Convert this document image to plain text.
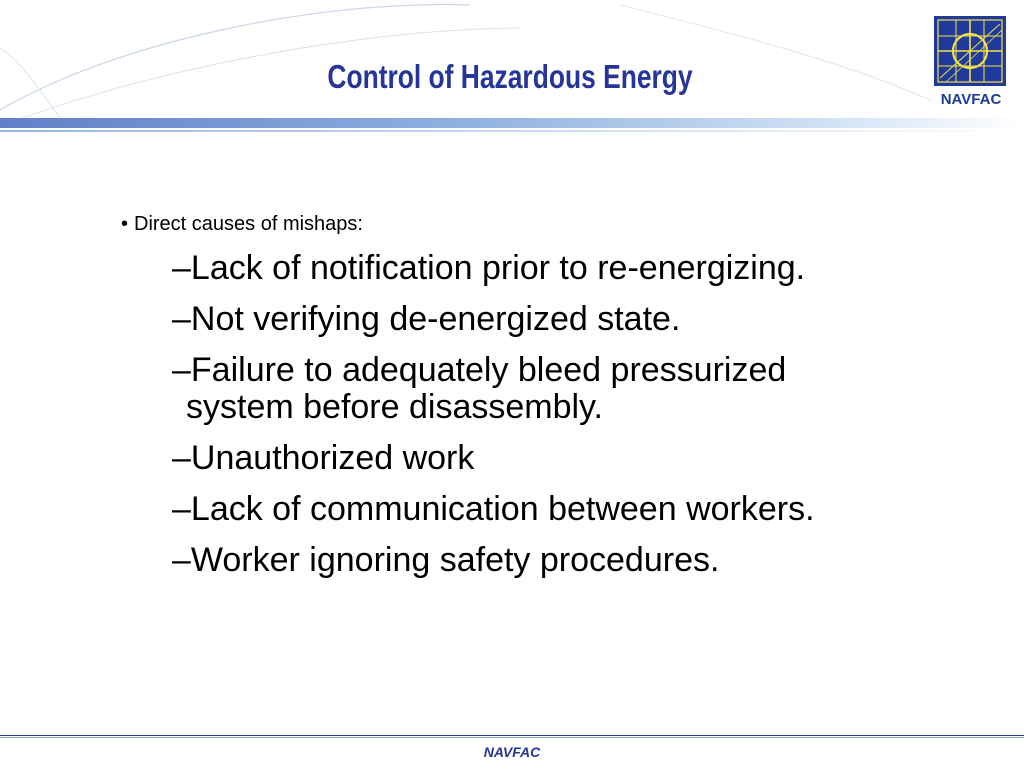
Control of Hazardous Energy
NAVFAC
• Direct causes of mishaps:
–Lack of notification prior to re-energizing.
–Not verifying de-energized state.
–Failure to adequately bleed pressurized
system before disassembly.
–Unauthorized work
–Lack of communication between workers.
–Worker ignoring safety procedures.
NAVFAC
